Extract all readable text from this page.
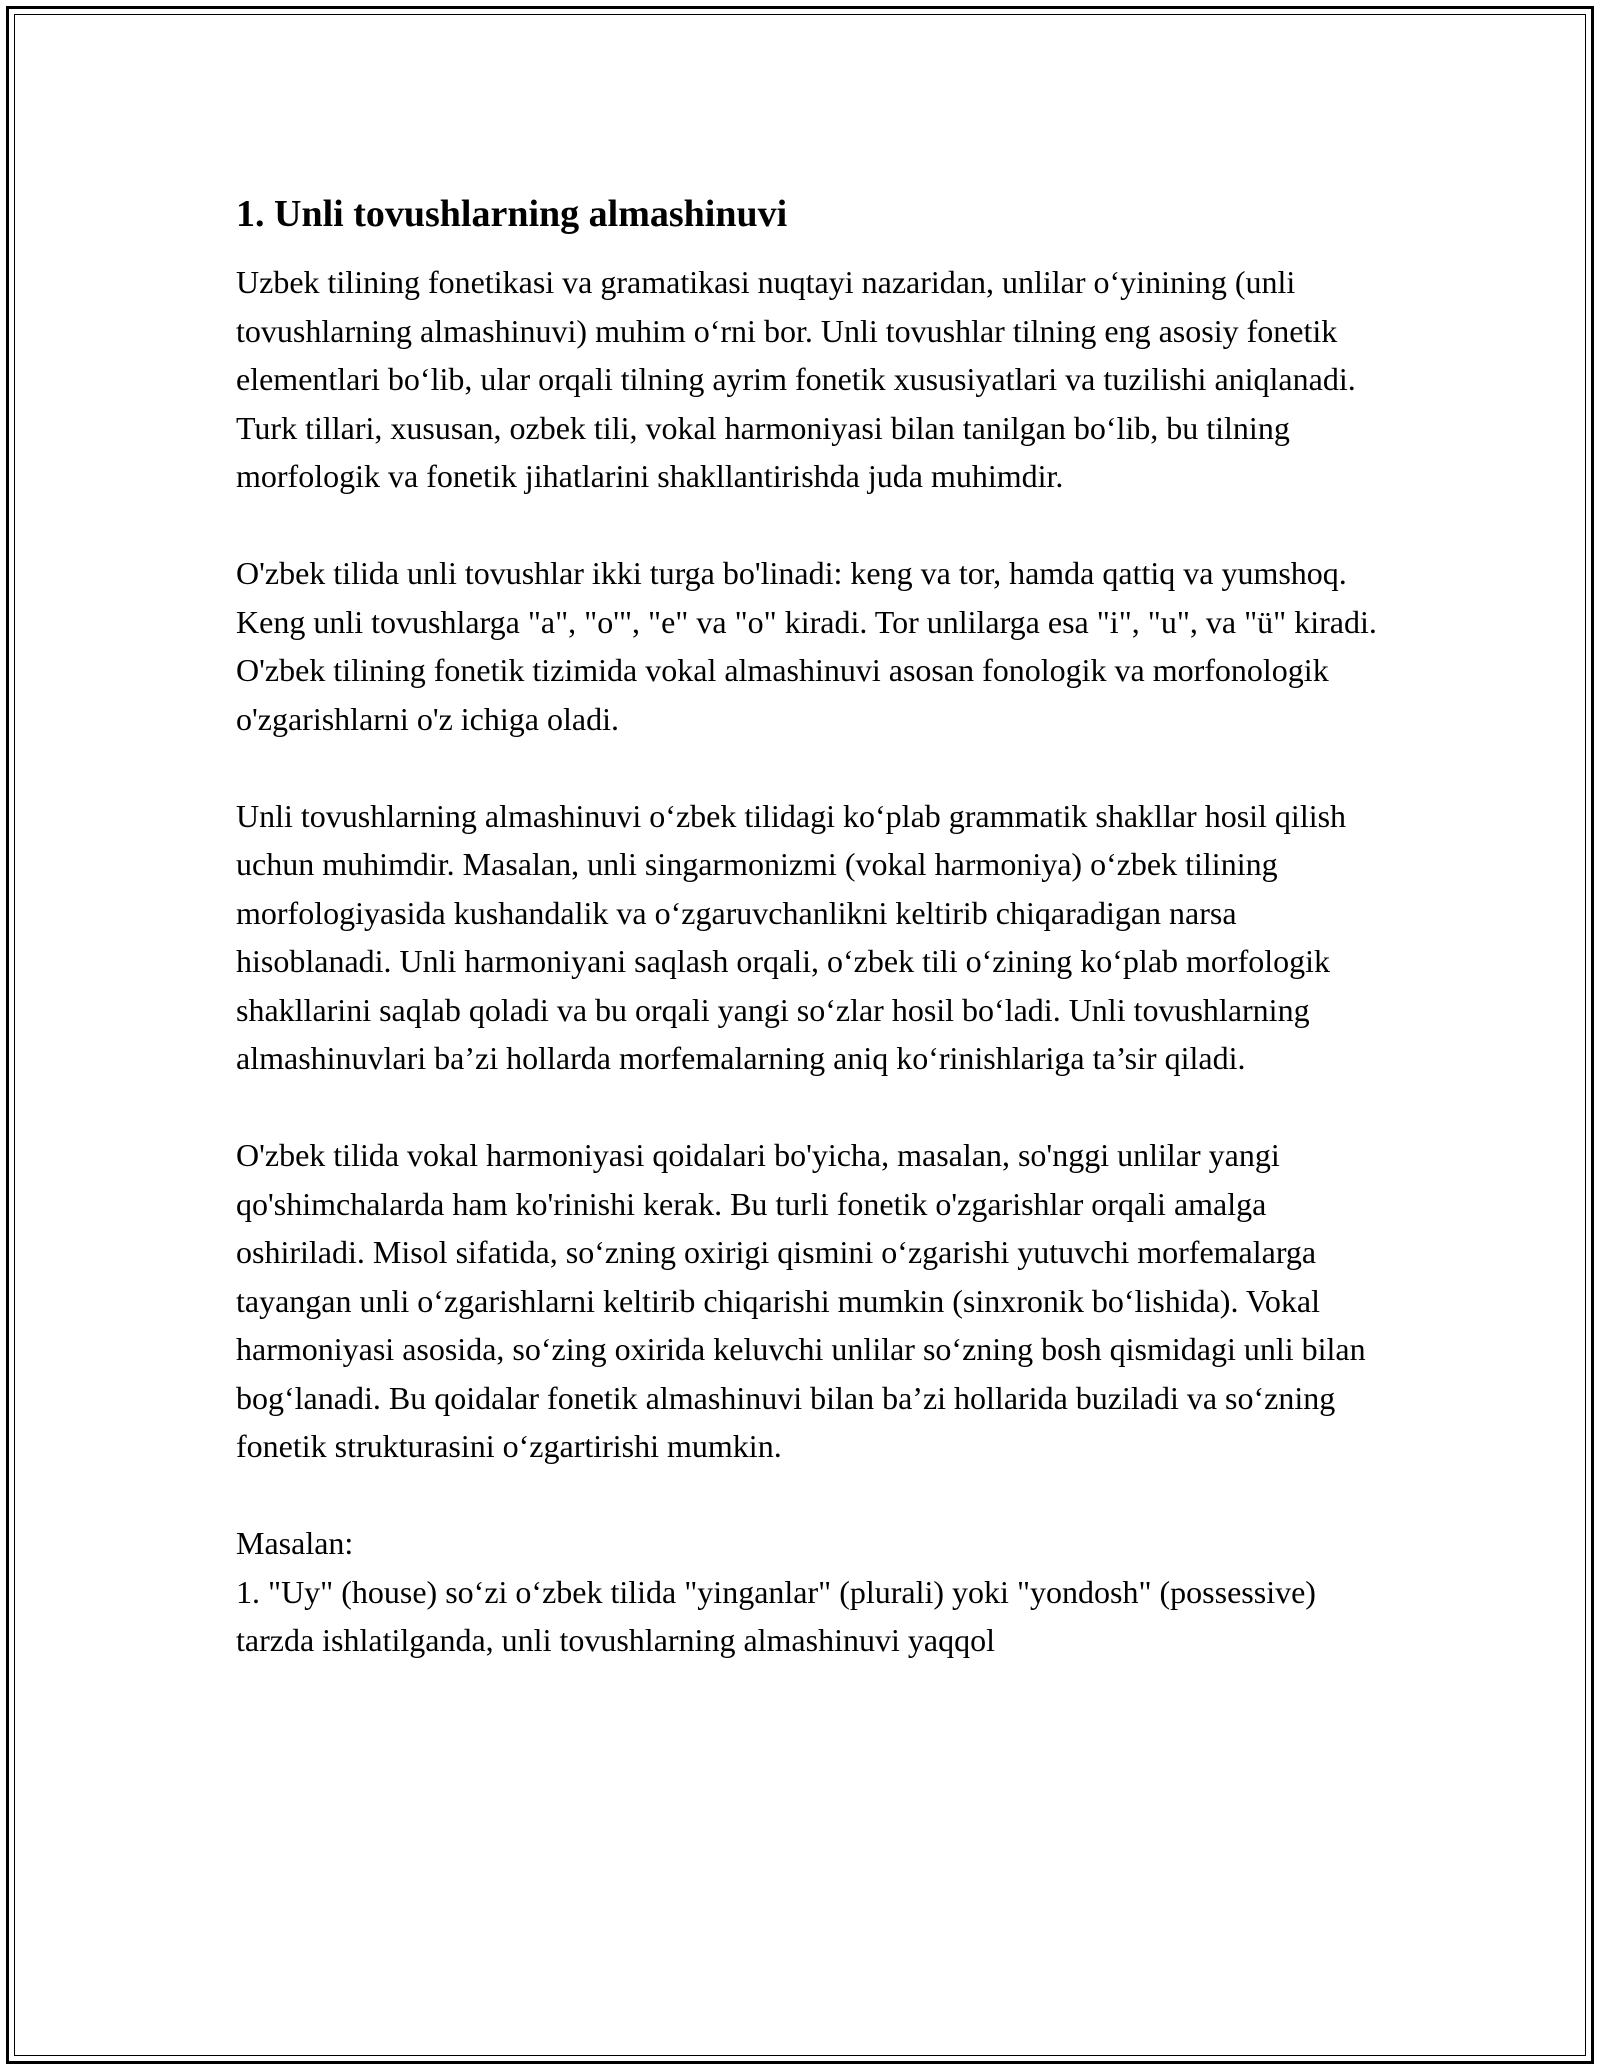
1. Unli tovushlarning almashinuvi

Uzbek tilining fonetikasi va gramatikasi nuqtayi nazaridan, unlilar o‘yinining (unli tovushlarning almashinuvi) muhim o‘rni bor. Unli tovushlar tilning eng asosiy fonetik elementlari bo‘lib, ular orqali tilning ayrim fonetik xususiyatlari va tuzilishi aniqlanadi. Turk tillari, xususan, ozbek tili, vokal harmoniyasi bilan tanilgan bo‘lib, bu tilning morfologik va fonetik jihatlarini shakllantirishda juda muhimdir.

O'zbek tilida unli tovushlar ikki turga bo'linadi: keng va tor, hamda qattiq va yumshoq. Keng unli tovushlarga "a", "o'", "e" va "o" kiradi. Tor unlilarga esa "i", "u", va "ü" kiradi. O'zbek tilining fonetik tizimida vokal almashinuvi asosan fonologik va morfonologik o'zgarishlarni o'z ichiga oladi.

Unli tovushlarning almashinuvi o‘zbek tilidagi ko‘plab grammatik shakllar hosil qilish uchun muhimdir. Masalan, unli singarmonizmi (vokal harmoniya) o‘zbek tilining morfologiyasida kushandalik va o‘zgaruvchanlikni keltirib chiqaradigan narsa hisoblanadi. Unli harmoniyani saqlash orqali, o‘zbek tili o‘zining ko‘plab morfologik shakllarini saqlab qoladi va bu orqali yangi so‘zlar hosil bo‘ladi. Unli tovushlarning almashinuvlari ba’zi hollarda morfemalarning aniq ko‘rinishlariga ta’sir qiladi.

O'zbek tilida vokal harmoniyasi qoidalari bo'yicha, masalan, so'nggi unlilar yangi qo'shimchalarda ham ko'rinishi kerak. Bu turli fonetik o'zgarishlar orqali amalga oshiriladi. Misol sifatida, so‘zning oxirigi qismini o‘zgarishi yutuvchi morfemalarga tayangan unli o‘zgarishlarni keltirib chiqarishi mumkin (sinxronik bo‘lishida). Vokal harmoniyasi asosida, so‘zing oxirida keluvchi unlilar so‘zning bosh qismidagi unli bilan bog‘lanadi. Bu qoidalar fonetik almashinuvi bilan ba’zi hollarida buziladi va so‘zning fonetik strukturasini o‘zgartirishi mumkin.

Masalan:

1. "Uy" (house) so‘zi o‘zbek tilida "yinganlar" (plurali) yoki "yondosh" (possessive) tarzda ishlatilganda, unli tovushlarning almashinuvi yaqqol
